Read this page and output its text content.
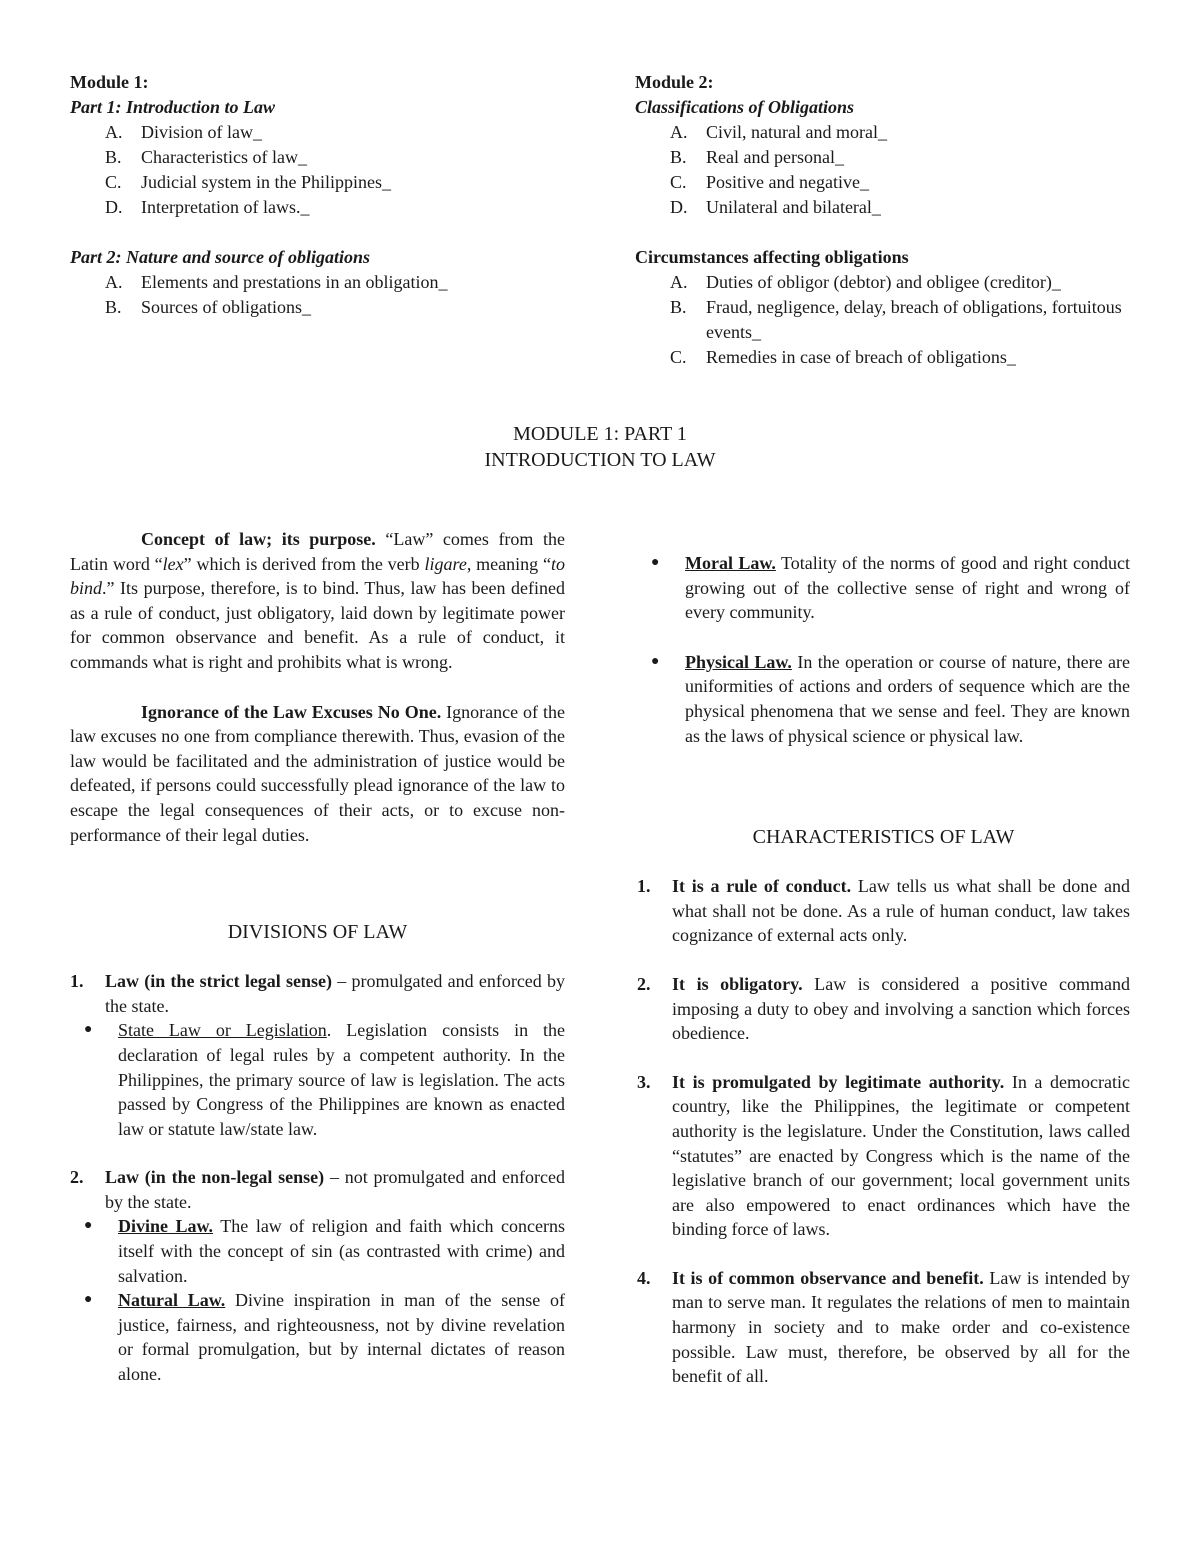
Module 1:
Part 1: Introduction to Law
A. Division of law_
B. Characteristics of law_
C. Judicial system in the Philippines_
D. Interpretation of laws._

Part 2: Nature and source of obligations
A. Elements and prestations in an obligation_
B. Sources of obligations_
Module 2:
Classifications of Obligations
A. Civil, natural and moral_
B. Real and personal_
C. Positive and negative_
D. Unilateral and bilateral_

Circumstances affecting obligations
A. Duties of obligor (debtor) and obligee (creditor)_
B. Fraud, negligence, delay, breach of obligations, fortuitous events_
C. Remedies in case of breach of obligations_
MODULE 1: PART 1
INTRODUCTION TO LAW

Concept of law; its purpose. “Law” comes from the Latin word “lex” which is derived from the verb ligare, meaning “to bind.” Its purpose, therefore, is to bind. Thus, law has been defined as a rule of conduct, just obligatory, laid down by legitimate power for common observance and benefit. As a rule of conduct, it commands what is right and prohibits what is wrong.

Ignorance of the Law Excuses No One. Ignorance of the law excuses no one from compliance therewith. Thus, evasion of the law would be facilitated and the administration of justice would be defeated, if persons could successfully plead ignorance of the law to escape the legal consequences of their acts, or to excuse non-performance of their legal duties.

DIVISIONS OF LAW
1. Law (in the strict legal sense) – promulgated and enforced by the state.
● State Law or Legislation. Legislation consists in the declaration of legal rules by a competent authority. In the Philippines, the primary source of law is legislation. The acts passed by Congress of the Philippines are known as enacted law or statute law/state law.
2. Law (in the non-legal sense) – not promulgated and enforced by the state.
● Divine Law. The law of religion and faith which concerns itself with the concept of sin (as contrasted with crime) and salvation.
● Natural Law. Divine inspiration in man of the sense of justice, fairness, and righteousness, not by divine revelation or formal promulgation, but by internal dictates of reason alone.
● Moral Law. Totality of the norms of good and right conduct growing out of the collective sense of right and wrong of every community.
● Physical Law. In the operation or course of nature, there are uniformities of actions and orders of sequence which are the physical phenomena that we sense and feel. They are known as the laws of physical science or physical law.
CHARACTERISTICS OF LAW
1. It is a rule of conduct. Law tells us what shall be done and what shall not be done. As a rule of human conduct, law takes cognizance of external acts only.
2. It is obligatory. Law is considered a positive command imposing a duty to obey and involving a sanction which forces obedience.
3. It is promulgated by legitimate authority. In a democratic country, like the Philippines, the legitimate or competent authority is the legislature. Under the Constitution, laws called “statutes” are enacted by Congress which is the name of the legislative branch of our government; local government units are also empowered to enact ordinances which have the binding force of laws.
4. It is of common observance and benefit. Law is intended by man to serve man. It regulates the relations of men to maintain harmony in society and to make order and co-existence possible. Law must, therefore, be observed by all for the benefit of all.
